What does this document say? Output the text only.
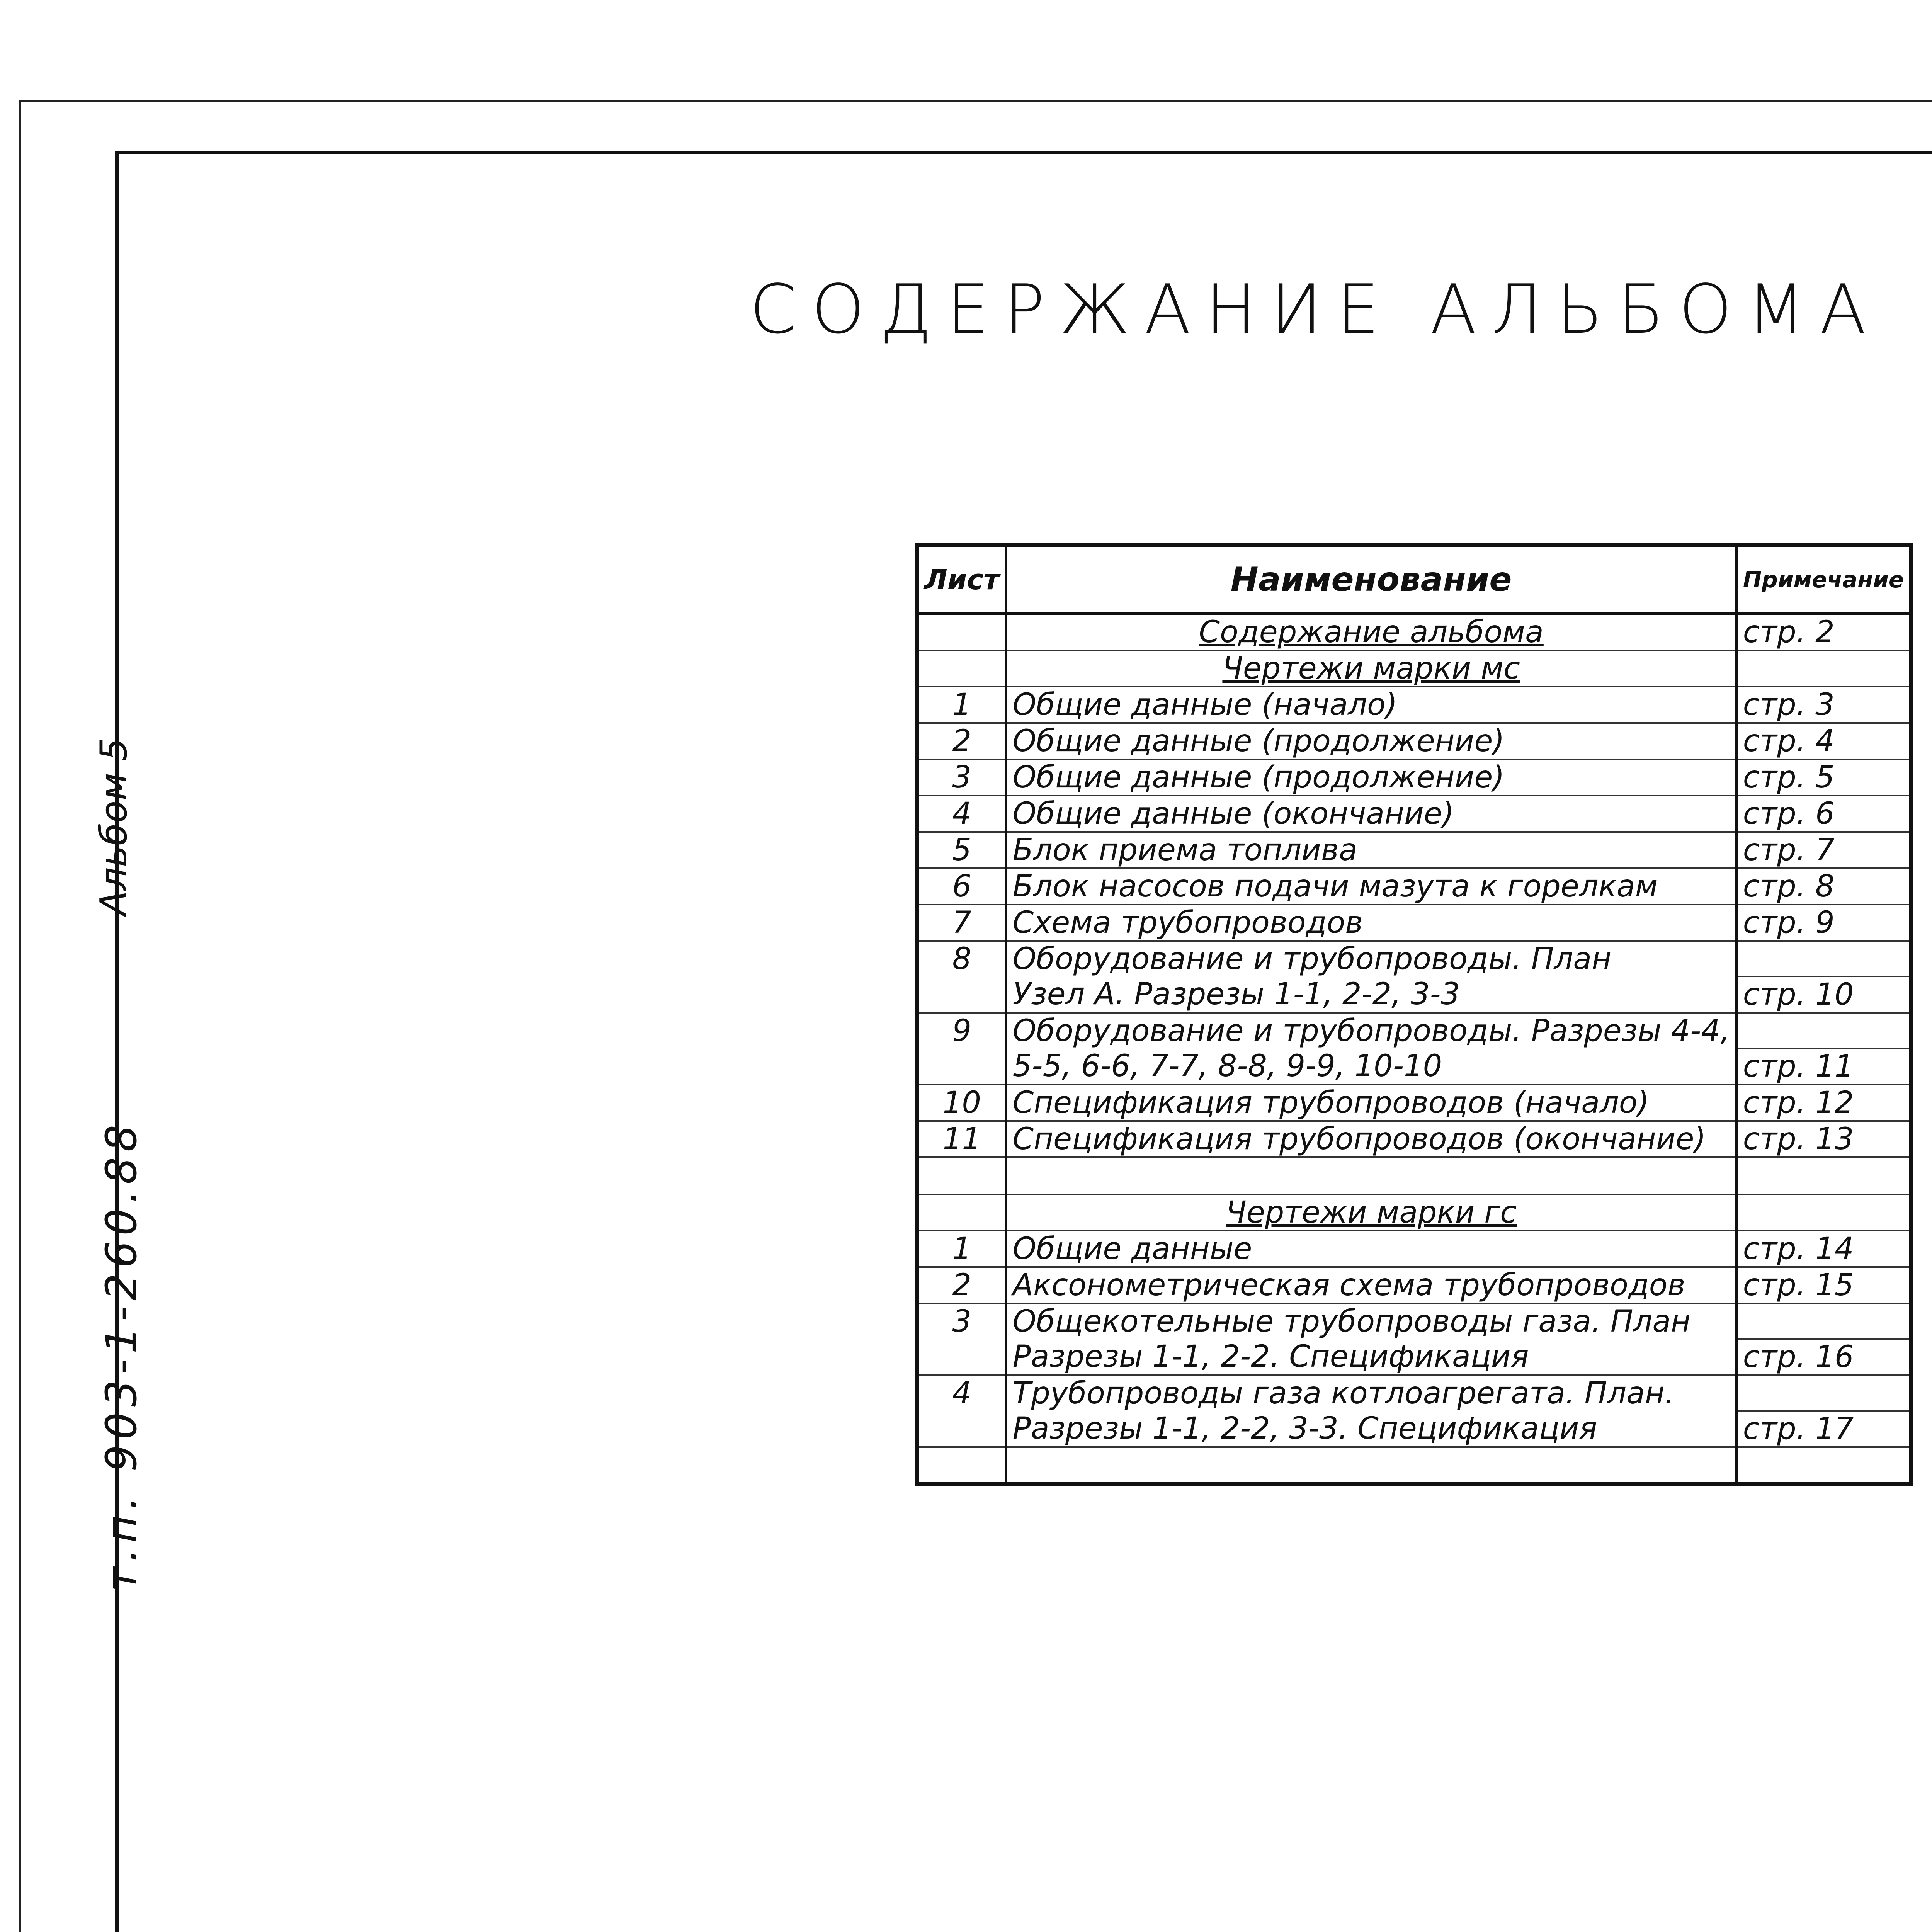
СОДЕРЖАНИЕ АЛЬБОМА
Альбом 5
т.п. 903-1-260.88
Лист	Наименование	Примечание
	Содержание альбома	стр. 2
	Чертежи марки мс	
1	Общие данные (начало)	стр. 3
2	Общие данные (продолжение)	стр. 4
3	Общие данные (продолжение)	стр. 5
4	Общие данные (окончание)	стр. 6
5	Блок приема топлива	стр. 7
6	Блок насосов подачи мазута к горелкам	стр. 8
7	Схема трубопроводов	стр. 9
8	Оборудование и трубопроводы. План	
	Узел А. Разрезы 1-1, 2-2, 3-3	стр. 10
9	Оборудование и трубопроводы. Разрезы 4-4,	
	5-5, 6-6, 7-7, 8-8, 9-9, 10-10	стр. 11
10	Спецификация трубопроводов (начало)	стр. 12
11	Спецификация трубопроводов (окончание)	стр. 13

	Чертежи марки гс	
1	Общие данные	стр. 14
2	Аксонометрическая схема трубопроводов	стр. 15
3	Общекотельные трубопроводы газа. План	
	Разрезы 1-1, 2-2. Спецификация	стр. 16
4	Трубопроводы газа котлоагрегата. План.	
	Разрезы 1-1, 2-2, 3-3. Спецификация	стр. 17
